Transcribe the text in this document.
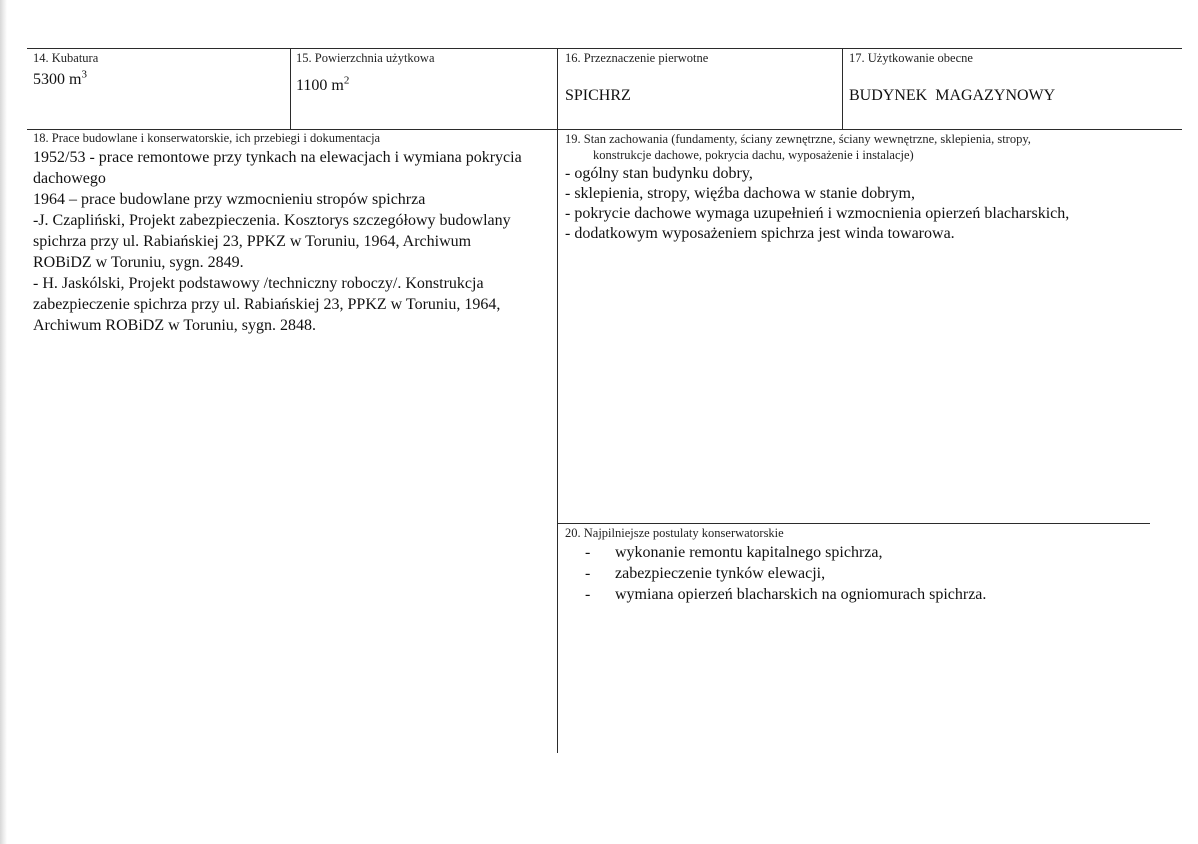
14. Kubatura
5300 $m^3$
15. Powierzchnia użytkowa
1100 $m^2$
16. Przeznaczenie pierwotne
SPICHRZ
17. Użytkowanie obecne
BUDYNEK  MAGAZYNOWY
18. Prace budowlane i konserwatorskie, ich przebiegi i dokumentacja
1952/53 - prace remontowe przy tynkach na elewacjach i wymiana pokrycia
dachowego
1964 – prace budowlane przy wzmocnieniu stropów spichrza
-J. Czapliński, Projekt zabezpieczenia. Kosztorys szczegółowy budowlany
spichrza przy ul. Rabiańskiej 23, PPKZ w Toruniu, 1964, Archiwum
ROBiDZ w Toruniu, sygn. 2849.
- H. Jaskólski, Projekt podstawowy /techniczny roboczy/. Konstrukcja
zabezpieczenie spichrza przy ul. Rabiańskiej 23, PPKZ w Toruniu, 1964,
Archiwum ROBiDZ w Toruniu, sygn. 2848.
19. Stan zachowania (fundamenty, ściany zewnętrzne, ściany wewnętrzne, sklepienia, stropy,
konstrukcje dachowe, pokrycia dachu, wyposażenie i instalacje)
- ogólny stan budynku dobry,
- sklepienia, stropy, więźba dachowa w stanie dobrym,
- pokrycie dachowe wymaga uzupełnień i wzmocnienia opierzeń blacharskich,
- dodatkowym wyposażeniem spichrza jest winda towarowa.
20. Najpilniejsze postulaty konserwatorskie
- wykonanie remontu kapitalnego spichrza,
- zabezpieczenie tynków elewacji,
- wymiana opierzeń blacharskich na ogniomurach spichrza.
